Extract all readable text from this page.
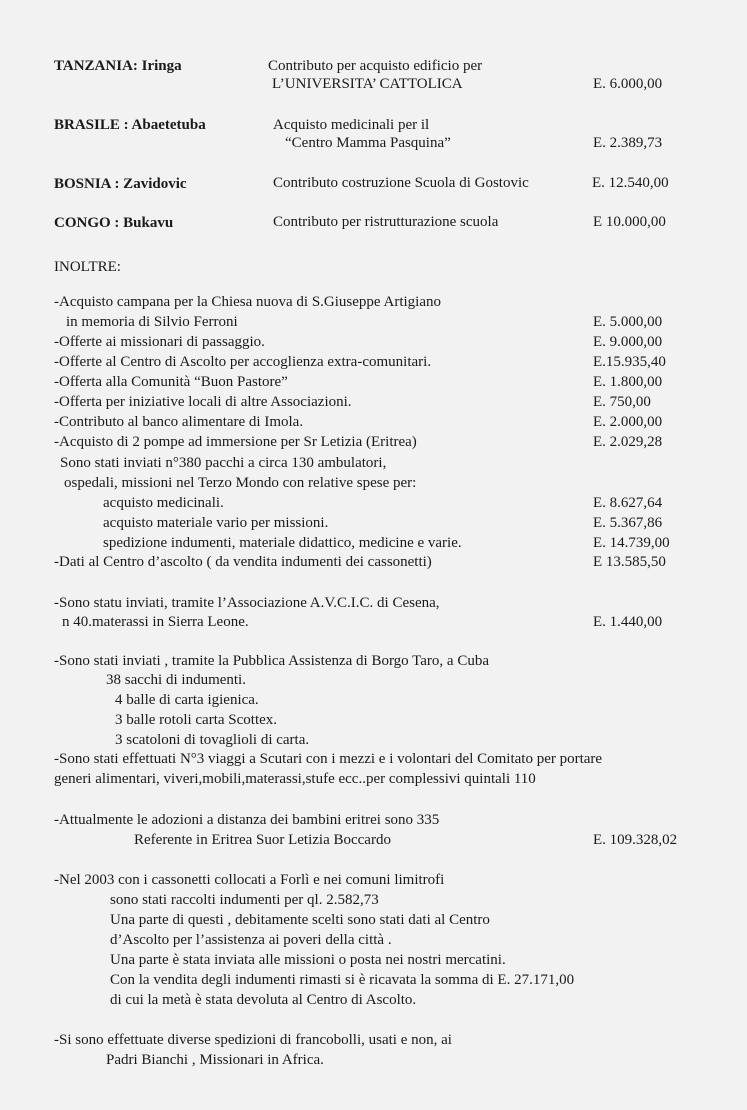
TANZANIA: Iringa	Contributo per acquisto edificio per
L’UNIVERSITA’ CATTOLICA	E. 6.000,00
BRASILE : Abaetetuba	Acquisto medicinali per il
“Centro Mamma Pasquina”	E. 2.389,73
BOSNIA : Zavidovic	Contributo costruzione Scuola di Gostovic	E. 12.540,00
CONGO : Bukavu	Contributo per ristrutturazione scuola	E 10.000,00
INOLTRE:
-Acquisto campana per la Chiesa nuova di S.Giuseppe Artigiano
in memoria di Silvio Ferroni	E. 5.000,00
-Offerte ai missionari di passaggio.	E. 9.000,00
-Offerte al Centro di Ascolto per accoglienza extra-comunitari.	E.15.935,40
-Offerta alla Comunità “Buon Pastore”	E. 1.800,00
-Offerta per iniziative locali di altre Associazioni.	E. 750,00
-Contributo al banco alimentare di Imola.	E. 2.000,00
-Acquisto di 2 pompe ad immersione per Sr Letizia (Eritrea)	E. 2.029,28
Sono stati inviati n°380 pacchi a circa 130 ambulatori,
ospedali, missioni nel Terzo Mondo con relative spese per:
acquisto medicinali.	E. 8.627,64
acquisto materiale vario per missioni.	E. 5.367,86
spedizione indumenti, materiale didattico, medicine e varie.	E. 14.739,00
-Dati al Centro d’ascolto ( da vendita indumenti dei cassonetti)	E 13.585,50
-Sono statu inviati, tramite l’Associazione A.V.C.I.C. di Cesena,
n 40.materassi in Sierra Leone.	E. 1.440,00
-Sono stati inviati , tramite la Pubblica Assistenza di Borgo Taro, a Cuba
38 sacchi di indumenti.
4 balle di carta igienica.
3 balle rotoli carta Scottex.
3 scatoloni di tovaglioli di carta.
-Sono stati effettuati N°3 viaggi a Scutari con i mezzi e i volontari del Comitato per portare
generi alimentari, viveri,mobili,materassi,stufe ecc..per complessivi quintali 110
-Attualmente le adozioni a distanza dei bambini eritrei sono 335
Referente in Eritrea Suor Letizia Boccardo	E. 109.328,02
-Nel 2003 con i cassonetti collocati a Forlì e nei comuni limitrofi
sono stati raccolti indumenti per ql. 2.582,73
Una parte di questi , debitamente scelti sono stati dati al Centro
d’Ascolto per l’assistenza ai poveri della città .
Una parte è stata inviata alle missioni o posta nei nostri mercatini.
Con la vendita degli indumenti rimasti si è ricavata la somma di E. 27.171,00
di cui la metà è stata devoluta al Centro di Ascolto.
-Si sono effettuate diverse spedizioni di francobolli, usati e non, ai
Padri Bianchi , Missionari in Africa.
